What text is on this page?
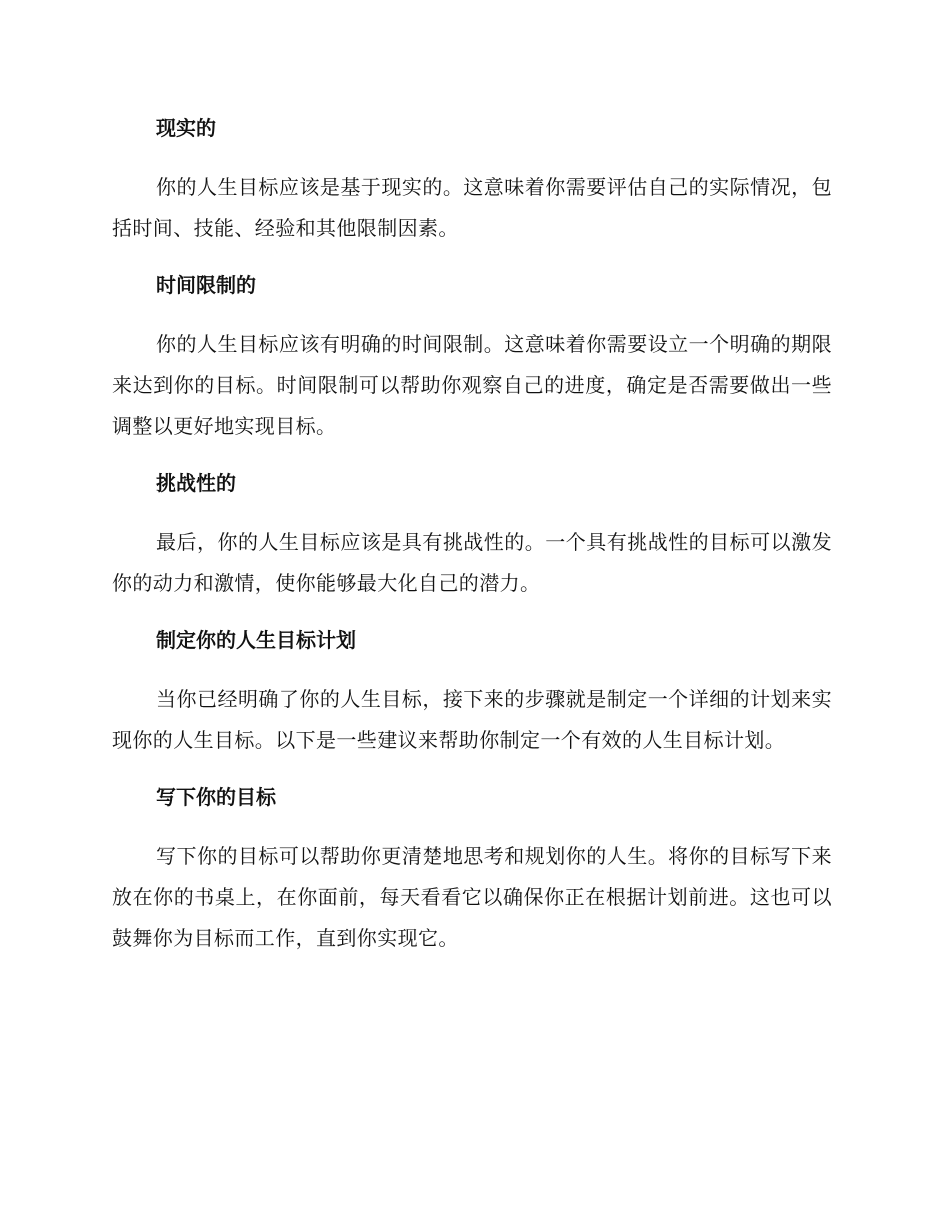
现实的

你的人生目标应该是基于现实的。这意味着你需要评估自己的实际情况，包括时间、技能、经验和其他限制因素。

时间限制的

你的人生目标应该有明确的时间限制。这意味着你需要设立一个明确的期限来达到你的目标。时间限制可以帮助你观察自己的进度，确定是否需要做出一些调整以更好地实现目标。

挑战性的

最后，你的人生目标应该是具有挑战性的。一个具有挑战性的目标可以激发你的动力和激情，使你能够最大化自己的潜力。

制定你的人生目标计划

当你已经明确了你的人生目标，接下来的步骤就是制定一个详细的计划来实现你的人生目标。以下是一些建议来帮助你制定一个有效的人生目标计划。

写下你的目标

写下你的目标可以帮助你更清楚地思考和规划你的人生。将你的目标写下来放在你的书桌上，在你面前，每天看看它以确保你正在根据计划前进。这也可以鼓舞你为目标而工作，直到你实现它。
